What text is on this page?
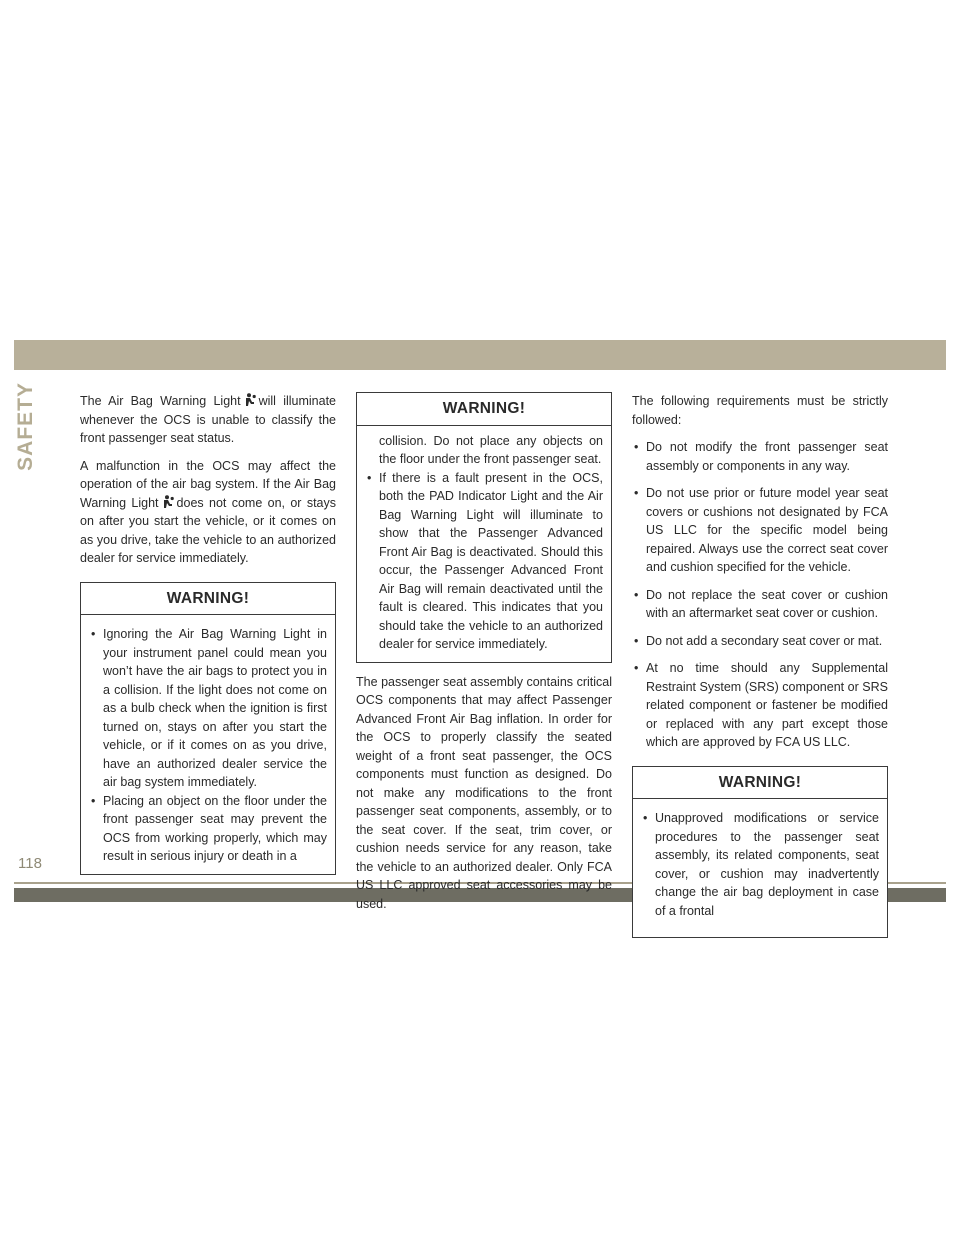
SAFETY
118

The Air Bag Warning Light will illuminate whenever the OCS is unable to classify the front passenger seat status.

A malfunction in the OCS may affect the operation of the air bag system. If the Air Bag Warning Light does not come on, or stays on after you start the vehicle, or it comes on as you drive, take the vehicle to an authorized dealer for service immediately.

WARNING!
• Ignoring the Air Bag Warning Light in your instrument panel could mean you won’t have the air bags to protect you in a collision. If the light does not come on as a bulb check when the ignition is first turned on, stays on after you start the vehicle, or if it comes on as you drive, have an authorized dealer service the air bag system immediately.
• Placing an object on the floor under the front passenger seat may prevent the OCS from working properly, which may result in serious injury or death in a
WARNING!
collision. Do not place any objects on the floor under the front passenger seat.
• If there is a fault present in the OCS, both the PAD Indicator Light and the Air Bag Warning Light will illuminate to show that the Passenger Advanced Front Air Bag is deactivated. Should this occur, the Passenger Advanced Front Air Bag will remain deactivated until the fault is cleared. This indicates that you should take the vehicle to an authorized dealer for service immediately.

The passenger seat assembly contains critical OCS components that may affect Passenger Advanced Front Air Bag inflation. In order for the OCS to properly classify the seated weight of a front seat passenger, the OCS components must function as designed. Do not make any modifications to the front passenger seat components, assembly, or to the seat cover. If the seat, trim cover, or cushion needs service for any reason, take the vehicle to an authorized dealer. Only FCA US LLC approved seat accessories may be used.

The following requirements must be strictly followed:

• Do not modify the front passenger seat assembly or components in any way.
• Do not use prior or future model year seat covers or cushions not designated by FCA US LLC for the specific model being repaired. Always use the correct seat cover and cushion specified for the vehicle.
• Do not replace the seat cover or cushion with an aftermarket seat cover or cushion.
• Do not add a secondary seat cover or mat.
• At no time should any Supplemental Restraint System (SRS) component or SRS related component or fastener be modified or replaced with any part except those which are approved by FCA US LLC.
WARNING!
• Unapproved modifications or service procedures to the passenger seat assembly, its related components, seat cover, or cushion may inadvertently change the air bag deployment in case of a frontal
